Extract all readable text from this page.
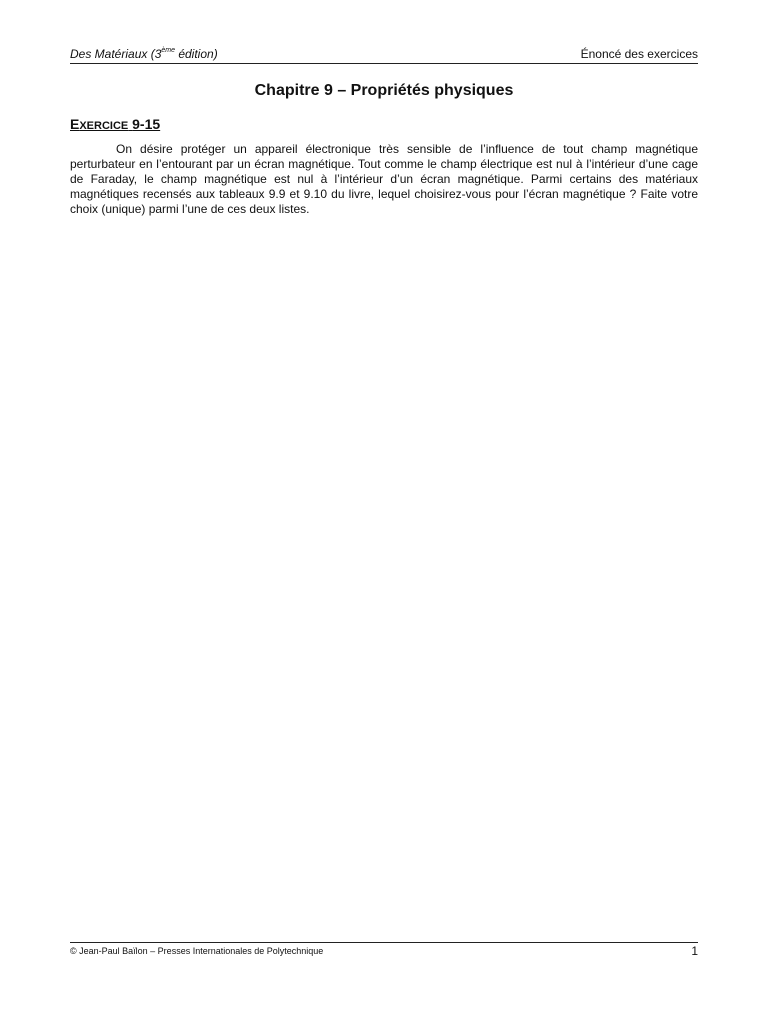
Des Matériaux (3ème édition)	Énoncé des exercices
Chapitre 9 – Propriétés physiques
EXERCICE 9-15

On désire protéger un appareil électronique très sensible de l’influence de tout champ magnétique perturbateur en l’entourant par un écran magnétique. Tout comme le champ électrique est nul à l’intérieur d’une cage de Faraday, le champ magnétique est nul à l’intérieur d’un écran magnétique. Parmi certains des matériaux magnétiques recensés aux tableaux 9.9 et 9.10 du livre, lequel choisirez-vous pour l’écran magnétique ? Faite votre choix (unique) parmi l’une de ces deux listes.

© Jean-Paul Baïlon – Presses Internationales de Polytechnique	1
